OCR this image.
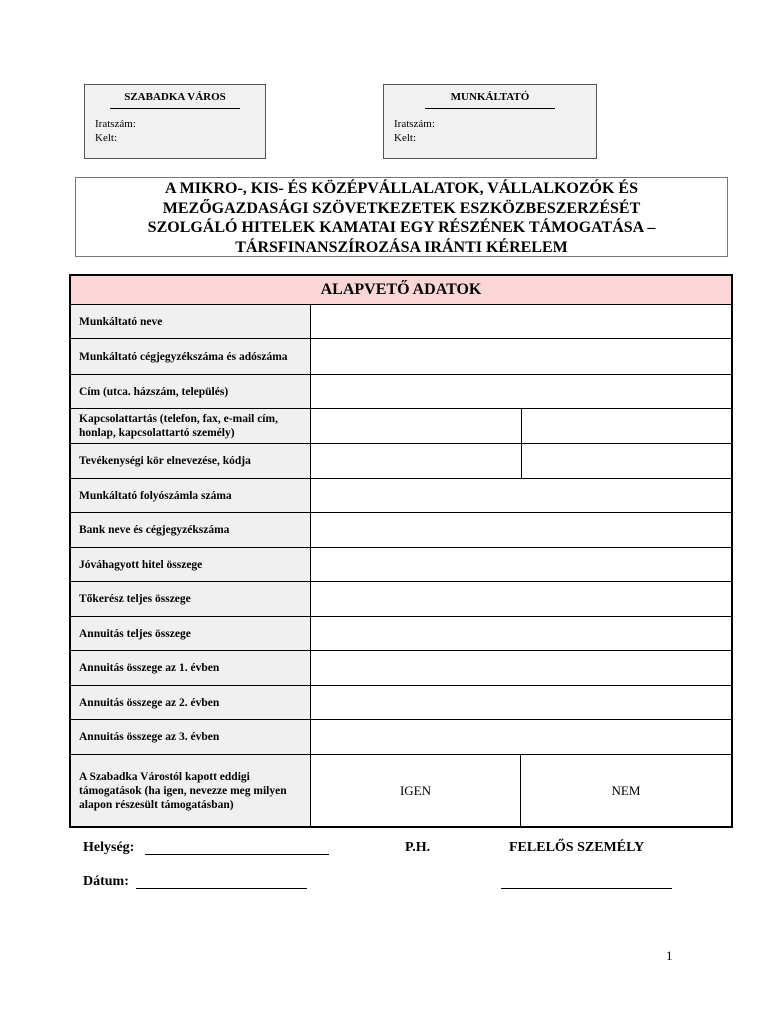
SZABADKA VÁROS
Iratszám:
Kelt:
MUNKÁLTATÓ
Iratszám:
Kelt:
A MIKRO-, KIS- ÉS KÖZÉPVÁLLALATOK, VÁLLALKOZÓK ÉS
MEZŐGAZDASÁGI SZÖVETKEZETEK ESZKÖZBESZERZÉSÉT
SZOLGÁLÓ HITELEK KAMATAI EGY RÉSZÉNEK TÁMOGATÁSA –
TÁRSFINANSZÍROZÁSA IRÁNTI KÉRELEM
ALAPVETŐ ADATOK
Munkáltató neve
Munkáltató cégjegyzékszáma és adószáma
Cím (utca. házszám, település)
Kapcsolattartás (telefon, fax, e-mail cím, honlap, kapcsolattartó személy)
Tevékenységi kör elnevezése, kódja
Munkáltató folyószámla száma
Bank neve és cégjegyzékszáma
Jóváhagyott hitel összege
Tőkerész teljes összege
Annuitás teljes összege
Annuitás összege az 1. évben
Annuitás összege az 2. évben
Annuitás összege az 3. évben
A Szabadka Várostól kapott eddigi támogatások (ha igen, nevezze meg milyen alapon részesült támogatásban)
IGEN	NEM
Helység:	P.H.	FELELŐS SZEMÉLY
Dátum:
1
